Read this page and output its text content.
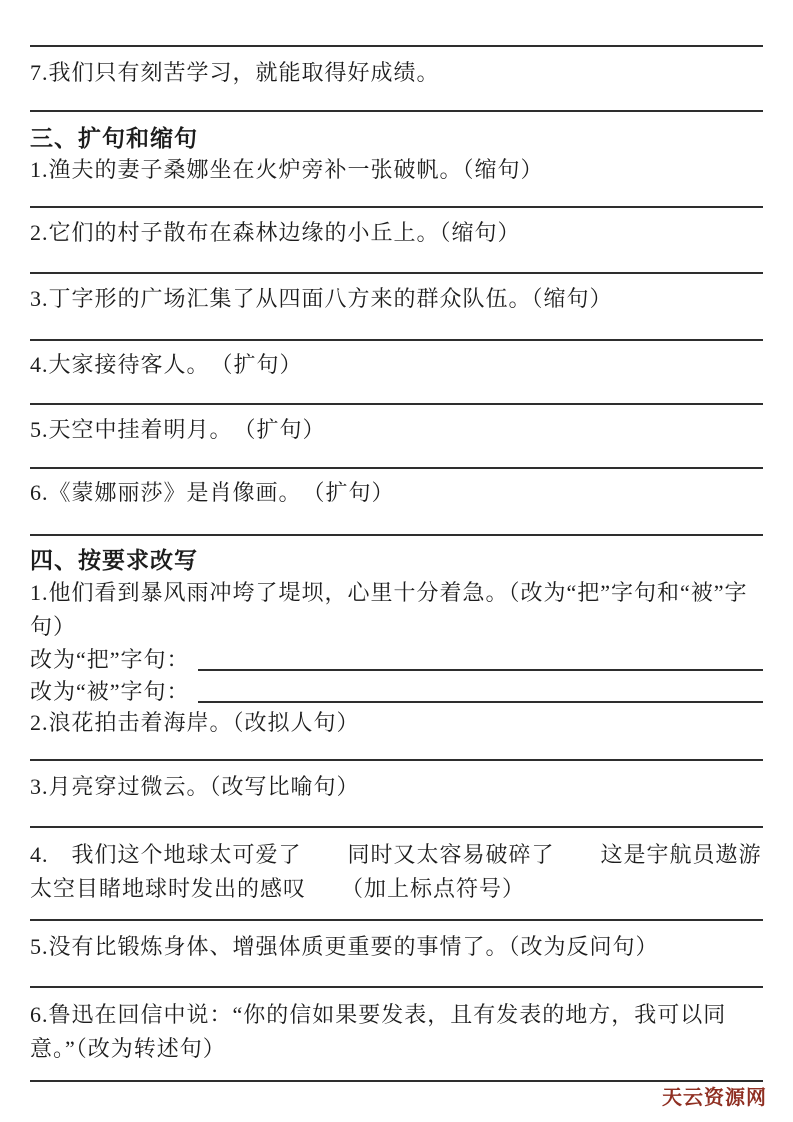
7.我们只有刻苦学习，就能取得好成绩。

三、扩句和缩句

1.渔夫的妻子桑娜坐在火炉旁补一张破帆。（缩句）

2.它们的村子散布在森林边缘的小丘上。（缩句）

3.丁字形的广场汇集了从四面八方来的群众队伍。（缩句）

4.大家接待客人。　（扩句）

5.天空中挂着明月。　（扩句）

6.《蒙娜丽莎》是肖像画。　（扩句）

四、按要求改写

1.他们看到暴风雨冲垮了堤坝，心里十分着急。（改为“把”字句和“被”字句）

改为“把”字句：
改为“被”字句：

2.浪花拍击着海岸。（改拟人句）

3.月亮穿过微云。（改写比喻句）

4.　我们这个地球太可爱了　　同时又太容易破碎了　　这是宇航员遨游太空目睹地球时发出的感叹　　（加上标点符号）

5.没有比锻炼身体、增强体质更重要的事情了。（改为反问句）

6.鲁迅在回信中说：“你的信如果要发表，且有发表的地方，我可以同意。”（改为转述句）

天云资源网
